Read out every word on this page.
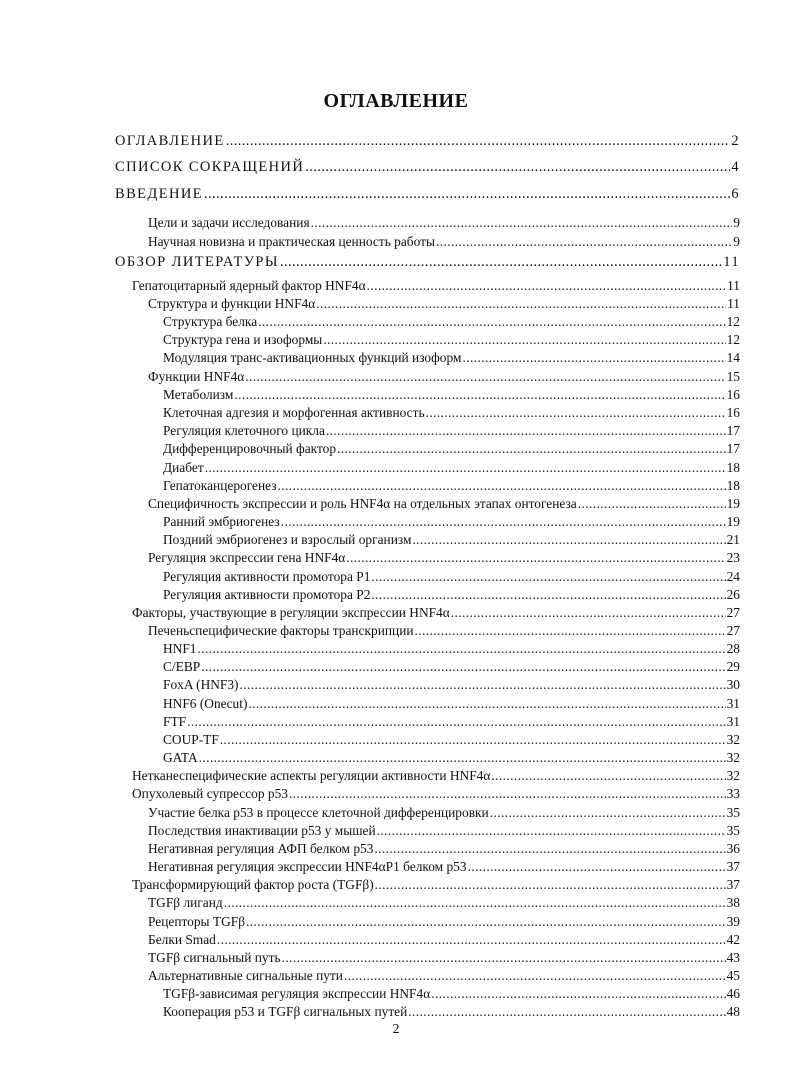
ОГЛАВЛЕНИЕ
ОГЛАВЛЕНИЕ .....	2
СПИСОК СОКРАЩЕНИЙ .....	4
ВВЕДЕНИЕ .....	6
Цели и задачи исследования .....	9
Научная новизна и практическая ценность работы .....	9
ОБЗОР ЛИТЕРАТУРЫ .....	11
Гепатоцитарный ядерный фактор HNF4α .....	11
Структура и функции HNF4α .....	11
Структура белка .....	12
Структура гена и изоформы .....	12
Модуляция транс-активационных функций изоформ .....	14
Функции HNF4α .....	15
Метаболизм .....	16
Клеточная адгезия и морфогенная активность .....	16
Регуляция клеточного цикла .....	17
Дифференцировочный фактор .....	17
Диабет .....	18
Гепатоканцерогенез .....	18
Специфичность экспрессии и роль HNF4α на отдельных этапах онтогенеза .....	19
Ранний эмбриогенез .....	19
Поздний эмбриогенез и взрослый организм .....	21
Регуляция экспрессии гена HNF4α .....	23
Регуляция активности промотора P1 .....	24
Регуляция активности промотора P2 .....	26
Факторы, участвующие в регуляции экспрессии HNF4α .....	27
Печеньспецифические факторы транскрипции .....	27
HNF1 .....	28
C/EBP .....	29
FoxA (HNF3) .....	30
HNF6 (Onecut) .....	31
FTF .....	31
COUP-TF .....	32
GATA .....	32
Нетканеспецифические аспекты регуляции активности HNF4α .....	32
Опухолевый супрессор р53 .....	33
Участие белка р53 в процессе клеточной дифференцировки .....	35
Последствия инактивации р53 у мышей .....	35
Негативная регуляция АФП белком р53 .....	36
Негативная регуляция экспрессии HNF4αP1 белком р53 .....	37
Трансформирующий фактор роста (TGFβ) .....	37
TGFβ лиганд .....	38
Рецепторы TGFβ .....	39
Белки Smad .....	42
TGFβ сигнальный путь .....	43
Альтернативные сигнальные пути .....	45
TGFβ-зависимая регуляция экспрессии HNF4α .....	46
Кооперация р53 и TGFβ сигнальных путей .....	48
2
